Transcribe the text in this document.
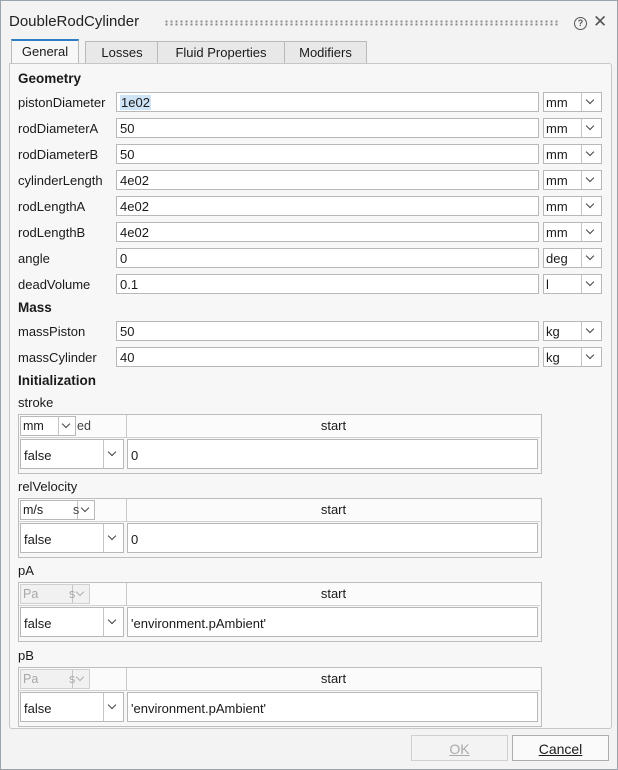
DoubleRodCylinder	? ✕
General	Losses	Fluid Properties	Modifiers
Geometry
pistonDiameter	1e02	mm
rodDiameterA	50	mm
rodDiameterB	50	mm
cylinderLength	4e02	mm
rodLengthA	4e02	mm
rodLengthB	4e02	mm
angle	0	deg
deadVolume	0.1	l
Mass
massPiston	50	kg
massCylinder	40	kg
Initialization
stroke
mm	ed	start
false	0
relVelocity
m/s	s	start
false	0
pA
Pa	s	start
false	'environment.pAmbient'
pB
Pa	s	start
false	'environment.pAmbient'
OK	Cancel
